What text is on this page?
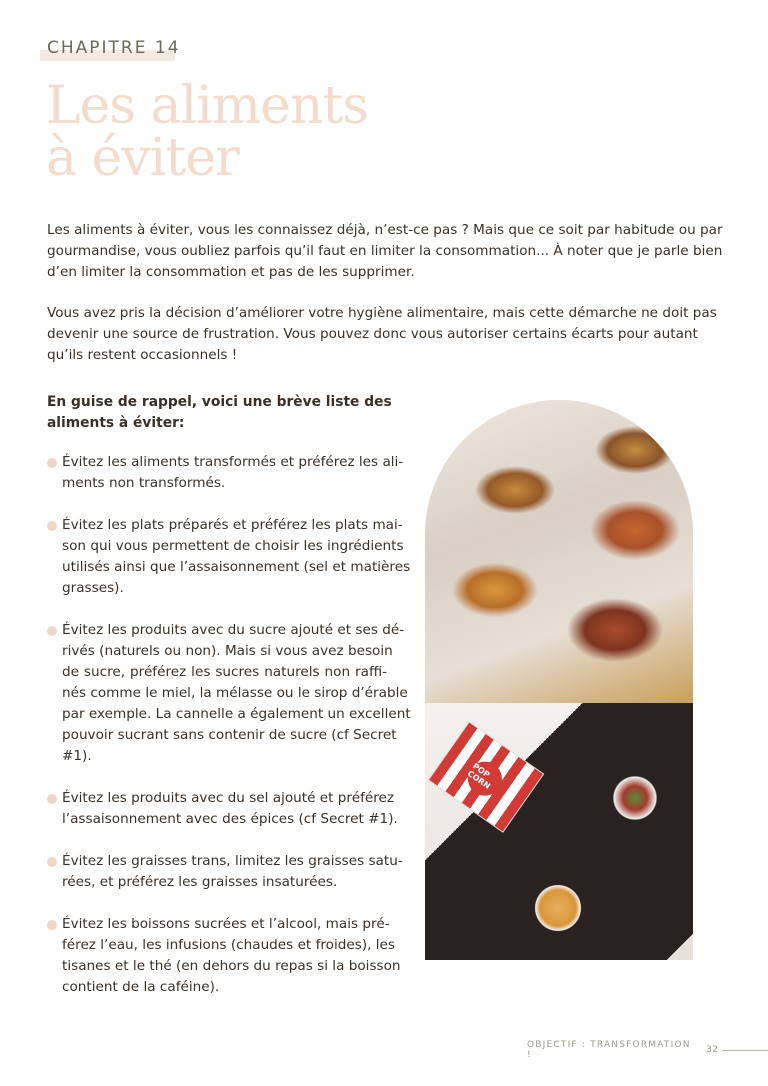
CHAPITRE 14
Les aliments
à éviter
Les aliments à éviter, vous les connaissez déjà, n’est-ce pas ? Mais que ce soit par habitude ou par
gourmandise, vous oubliez parfois qu’il faut en limiter la consommation... À noter que je parle bien
d’en limiter la consommation et pas de les supprimer.
Vous avez pris la décision d’améliorer votre hygiène alimentaire, mais cette démarche ne doit pas
devenir une source de frustration. Vous pouvez donc vous autoriser certains écarts pour autant
qu’ils restent occasionnels !
En guise de rappel, voici une brève liste des
aliments à éviter:
Évitez les aliments transformés et préférez les ali-
ments non transformés.
Évitez les plats préparés et préférez les plats mai-
son qui vous permettent de choisir les ingrédients
utilisés ainsi que l’assaisonnement (sel et matières
grasses).
Évitez les produits avec du sucre ajouté et ses dé-
rivés (naturels ou non). Mais si vous avez besoin
de sucre, préférez les sucres naturels non raffi-
nés comme le miel, la mélasse ou le sirop d’érable
par exemple. La cannelle a également un excellent
pouvoir sucrant sans contenir de sucre (cf Secret
#1).
Évitez les produits avec du sel ajouté et préférez
l’assaisonnement avec des épices (cf Secret #1).
Évitez les graisses trans, limitez les graisses satu-
rées, et préférez les graisses insaturées.
Évitez les boissons sucrées et l’alcool, mais pré-
férez l’eau, les infusions (chaudes et froides), les
tisanes et le thé (en dehors du repas si la boisson
contient de la caféine).
POP CORN
OBJECTIF : TRANSFORMATION !	32
